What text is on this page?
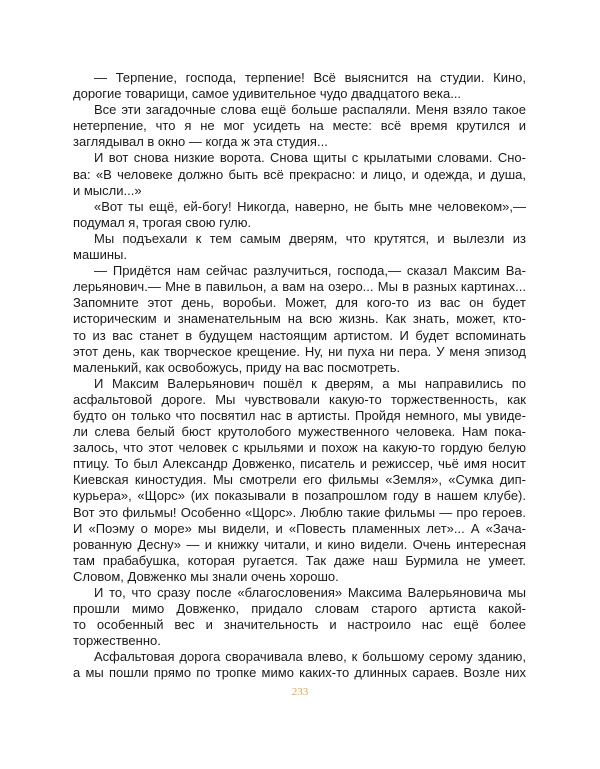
— Терпение, господа, терпение! Всё выяснится на студии. Кино,
дорогие товарищи, самое удивительное чудо двадцатого века...
Все эти загадочные слова ещё больше распаляли. Меня взяло такое
нетерпение, что я не мог усидеть на месте: всё время крутился и
заглядывал в окно — когда ж эта студия...
И вот снова низкие ворота. Снова щиты с крылатыми словами. Сно-
ва: «В человеке должно быть всё прекрасно: и лицо, и одежда, и душа,
и мысли...»
«Вот ты ещё, ей-богу! Никогда, наверно, не быть мне человеком»,—
подумал я, трогая свою гулю.
Мы подъехали к тем самым дверям, что крутятся, и вылезли из
машины.
— Придётся нам сейчас разлучиться, господа,— сказал Максим Ва-
лерьянович.— Мне в павильон, а вам на озеро... Мы в разных картинах...
Запомните этот день, воробьи. Может, для кого-то из вас он будет
историческим и знаменательным на всю жизнь. Как знать, может, кто-
то из вас станет в будущем настоящим артистом. И будет вспоминать
этот день, как творческое крещение. Ну, ни пуха ни пера. У меня эпизод
маленький, как освобожусь, приду на вас посмотреть.
И Максим Валерьянович пошёл к дверям, а мы направились по
асфальтовой дороге. Мы чувствовали какую-то торжественность, как
будто он только что посвятил нас в артисты. Пройдя немного, мы увиде-
ли слева белый бюст крутолобого мужественного человека. Нам пока-
залось, что этот человек с крыльями и похож на какую-то гордую белую
птицу. То был Александр Довженко, писатель и режиссер, чьё имя носит
Киевская киностудия. Мы смотрели его фильмы «Земля», «Сумка дип-
курьера», «Щорс» (их показывали в позапрошлом году в нашем клубе).
Вот это фильмы! Особенно «Щорс». Люблю такие фильмы — про героев.
И «Поэму о море» мы видели, и «Повесть пламенных лет»... А «Зача-
рованную Десну» — и книжку читали, и кино видели. Очень интересная
там прабабушка, которая ругается. Так даже наш Бурмила не умеет.
Словом, Довженко мы знали очень хорошо.
И то, что сразу после «благословения» Максима Валерьяновича мы
прошли мимо Довженко, придало словам старого артиста какой-
то особенный вес и значительность и настроило нас ещё более
торжественно.
Асфальтовая дорога сворачивала влево, к большому серому зданию,
а мы пошли прямо по тропке мимо каких-то длинных сараев. Возле них
233
